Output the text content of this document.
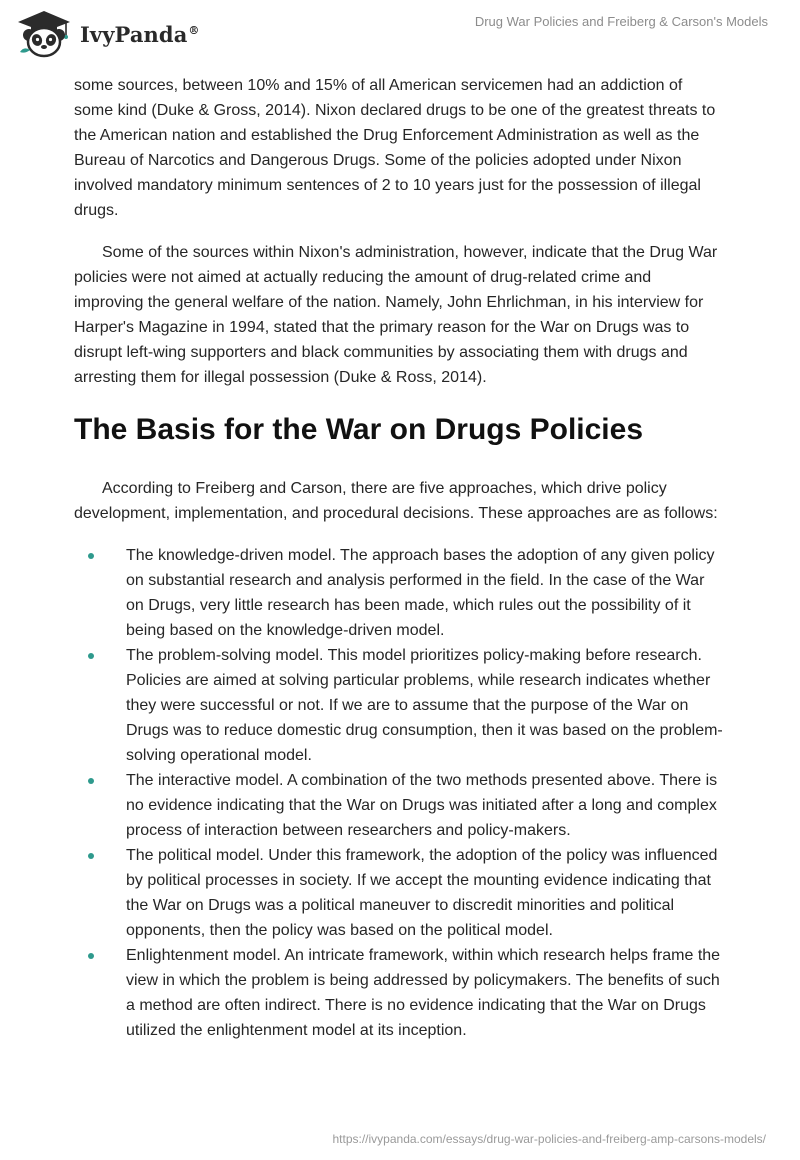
IvyPanda®
Drug War Policies and Freiberg & Carson's Models

some sources, between 10% and 15% of all American servicemen had an addiction of some kind (Duke & Gross, 2014). Nixon declared drugs to be one of the greatest threats to the American nation and established the Drug Enforcement Administration as well as the Bureau of Narcotics and Dangerous Drugs. Some of the policies adopted under Nixon involved mandatory minimum sentences of 2 to 10 years just for the possession of illegal drugs.

Some of the sources within Nixon's administration, however, indicate that the Drug War policies were not aimed at actually reducing the amount of drug-related crime and improving the general welfare of the nation. Namely, John Ehrlichman, in his interview for Harper's Magazine in 1994, stated that the primary reason for the War on Drugs was to disrupt left-wing supporters and black communities by associating them with drugs and arresting them for illegal possession (Duke & Ross, 2014).

The Basis for the War on Drugs Policies

According to Freiberg and Carson, there are five approaches, which drive policy development, implementation, and procedural decisions. These approaches are as follows:

The knowledge-driven model. The approach bases the adoption of any given policy on substantial research and analysis performed in the field. In the case of the War on Drugs, very little research has been made, which rules out the possibility of it being based on the knowledge-driven model.
The problem-solving model. This model prioritizes policy-making before research. Policies are aimed at solving particular problems, while research indicates whether they were successful or not. If we are to assume that the purpose of the War on Drugs was to reduce domestic drug consumption, then it was based on the problem-solving operational model.
The interactive model. A combination of the two methods presented above. There is no evidence indicating that the War on Drugs was initiated after a long and complex process of interaction between researchers and policy-makers.
The political model. Under this framework, the adoption of the policy was influenced by political processes in society. If we accept the mounting evidence indicating that the War on Drugs was a political maneuver to discredit minorities and political opponents, then the policy was based on the political model.
Enlightenment model. An intricate framework, within which research helps frame the view in which the problem is being addressed by policymakers. The benefits of such a method are often indirect. There is no evidence indicating that the War on Drugs utilized the enlightenment model at its inception.
https://ivypanda.com/essays/drug-war-policies-and-freiberg-amp-carsons-models/
